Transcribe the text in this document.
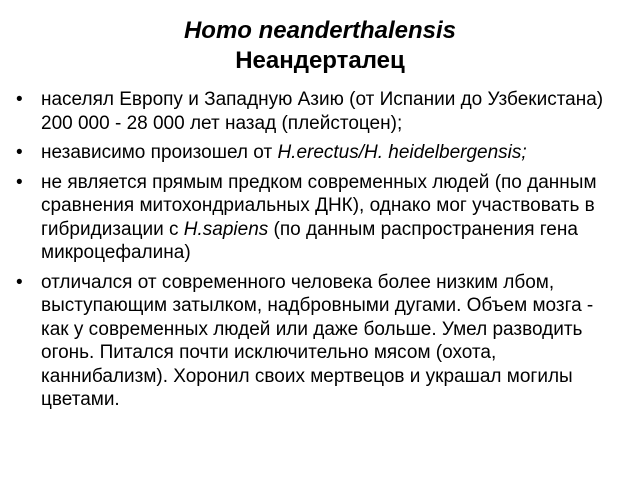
Homo neanderthalensis
Неандерталец
• населял Европу и Западную Азию (от Испании до Узбекистана) 200 000 - 28 000 лет назад (плейстоцен);
• независимо произошел от H.erectus/H. heidelbergensis;
• не является прямым предком современных людей (по данным сравнения митохондриальных ДНК), однако мог участвовать в гибридизации с H.sapiens (по данным распространения гена микроцефалина)
• отличался от современного человека более низким лбом, выступающим затылком, надбровными дугами. Объем мозга - как у современных людей или даже больше. Умел разводить огонь. Питался почти исключительно мясом (охота, каннибализм). Хоронил своих мертвецов и украшал могилы цветами.
